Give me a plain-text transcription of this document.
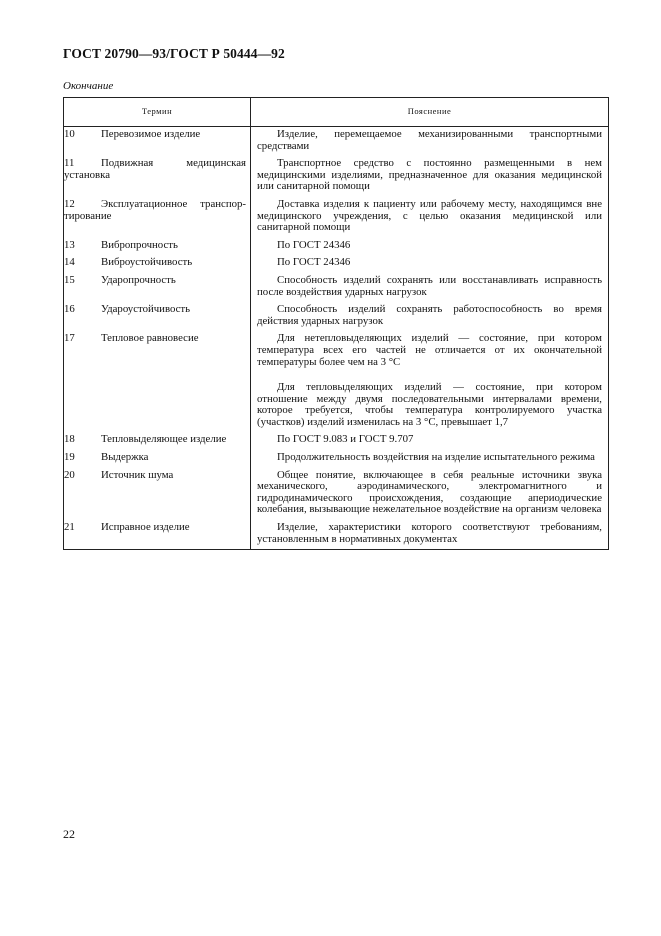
ГОСТ 20790—93/ГОСТ Р 50444—92
Окончание
Термин	Пояснение

10 Перевозимое изделие	Изделие, перемещаемое механизированными транспортными средствами

11 Подвижная медицинская установка	Транспортное средство с постоянно размещенными в нем медицинскими изделиями, предназначенное для оказания медицинской или санитарной помощи

12 Эксплуатационное транспор-тирование	Доставка изделия к пациенту или рабочему месту, находящимся вне медицинского учреждения, с целью оказания медицинской или санитарной помощи

13 Вибропрочность	По ГОСТ 24346

14 Виброустойчивость	По ГОСТ 24346

15 Ударопрочность	Способность изделий сохранять или восстанавливать исправность после воздействия ударных нагрузок

16 Удароустойчивость	Способность изделий сохранять работоспособность во время действия ударных нагрузок

17 Тепловое равновесие	Для нетепловыделяющих изделий — состояние, при котором температура всех его частей не отличается от их окончательной температуры более чем на 3 °С

Для тепловыделяющих изделий — состояние, при котором отношение между двумя последовательными интервалами времени, которое требуется, чтобы температура контролируемого участка (участков) изделий изменилась на 3 °С, превышает 1,7

18 Тепловыделяющее изделие	По ГОСТ 9.083 и ГОСТ 9.707

19 Выдержка	Продолжительность воздействия на изделие испытательного режима

20 Источник шума	Общее понятие, включающее в себя реальные источники звука механического, аэродинамического, электромагнитного и гидродинамического происхождения, создающие апериодические колебания, вызывающие нежелательное воздействие на организм человека

21 Исправное изделие	Изделие, характеристики которого соответствуют требованиям, установленным в нормативных документах

22
